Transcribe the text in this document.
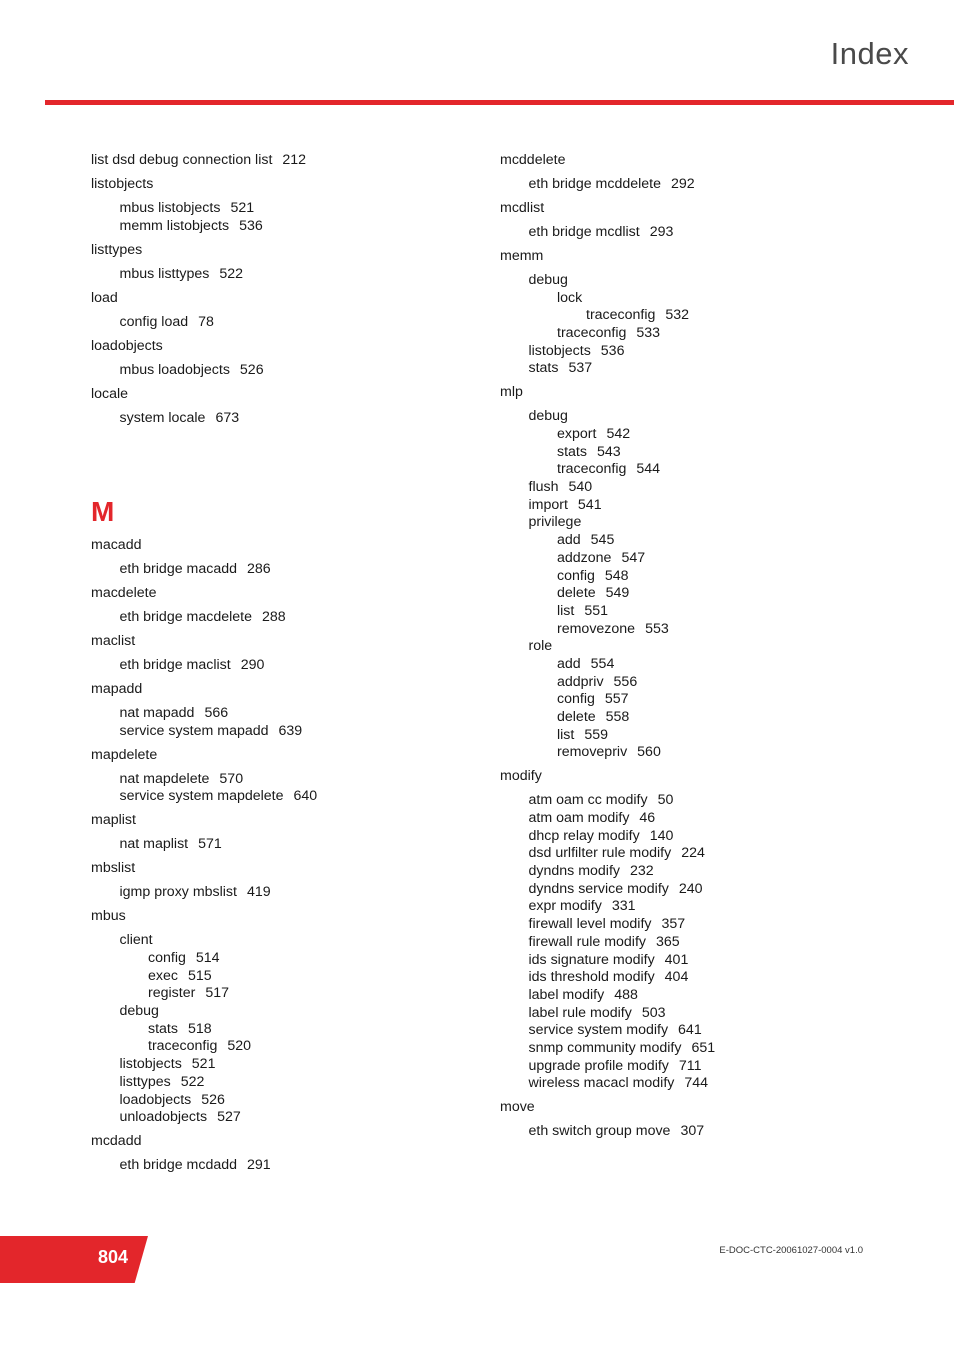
Index
list dsd debug connection list 212
listobjects
mbus listobjects 521
memm listobjects 536
listtypes
mbus listtypes 522
load
config load 78
loadobjects
mbus loadobjects 526
locale
system locale 673
M
macadd
eth bridge macadd 286
macdelete
eth bridge macdelete 288
maclist
eth bridge maclist 290
mapadd
nat mapadd 566
service system mapadd 639
mapdelete
nat mapdelete 570
service system mapdelete 640
maplist
nat maplist 571
mbslist
igmp proxy mbslist 419
mbus
client
config 514
exec 515
register 517
debug
stats 518
traceconfig 520
listobjects 521
listtypes 522
loadobjects 526
unloadobjects 527
mcdadd
eth bridge mcdadd 291
mcddelete
eth bridge mcddelete 292
mcdlist
eth bridge mcdlist 293
memm
debug
lock
traceconfig 532
traceconfig 533
listobjects 536
stats 537
mlp
debug
export 542
stats 543
traceconfig 544
flush 540
import 541
privilege
add 545
addzone 547
config 548
delete 549
list 551
removezone 553
role
add 554
addpriv 556
config 557
delete 558
list 559
removepriv 560
modify
atm oam cc modify 50
atm oam modify 46
dhcp relay modify 140
dsd urlfilter rule modify 224
dyndns modify 232
dyndns service modify 240
expr modify 331
firewall level modify 357
firewall rule modify 365
ids signature modify 401
ids threshold modify 404
label modify 488
label rule modify 503
service system modify 641
snmp community modify 651
upgrade profile modify 711
wireless macacl modify 744
move
eth switch group move 307
804	E-DOC-CTC-20061027-0004 v1.0
